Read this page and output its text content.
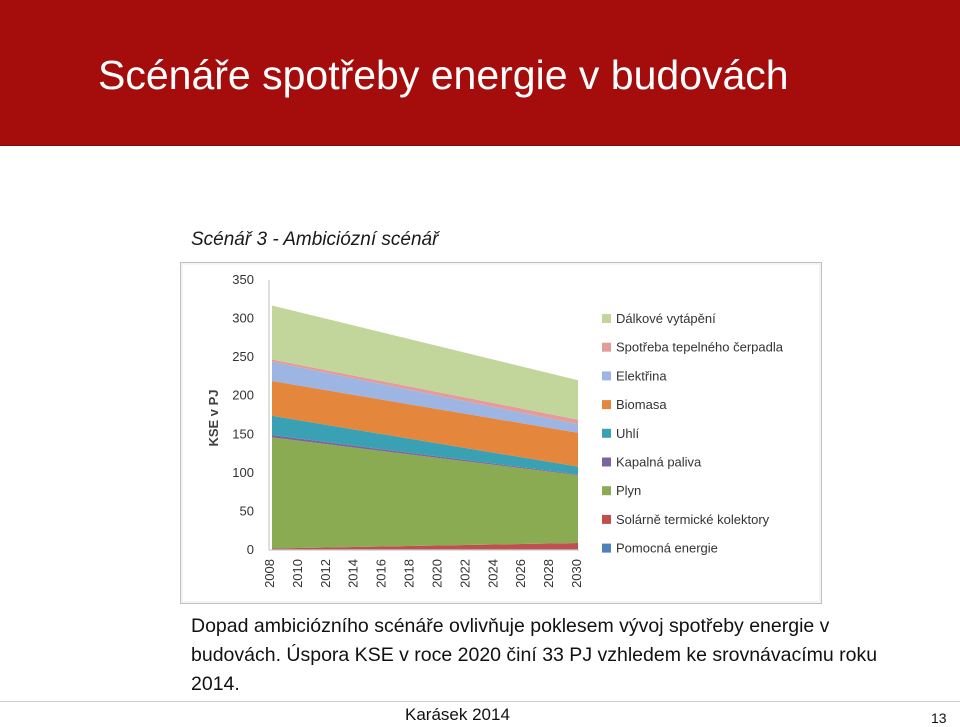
Scénáře spotřeby energie v budovách
Scénář 3 - Ambiciózní scénář
0
50
100
150
200
250
300
350
KSE v PJ
2008 2010 2012 2014 2016 2018 2020 2022 2024 2026 2028 2030
Dálkové vytápění
Spotřeba tepelného čerpadla
Elektřina
Biomasa
Uhlí
Kapalná paliva
Plyn
Solárně termické kolektory
Pomocná energie
Dopad ambiciózního scénáře ovlivňuje poklesem vývoj spotřeby energie v budovách. Úspora KSE v roce 2020 činí 33 PJ vzhledem ke srovnávacímu roku 2014.
Karásek 2014	13
